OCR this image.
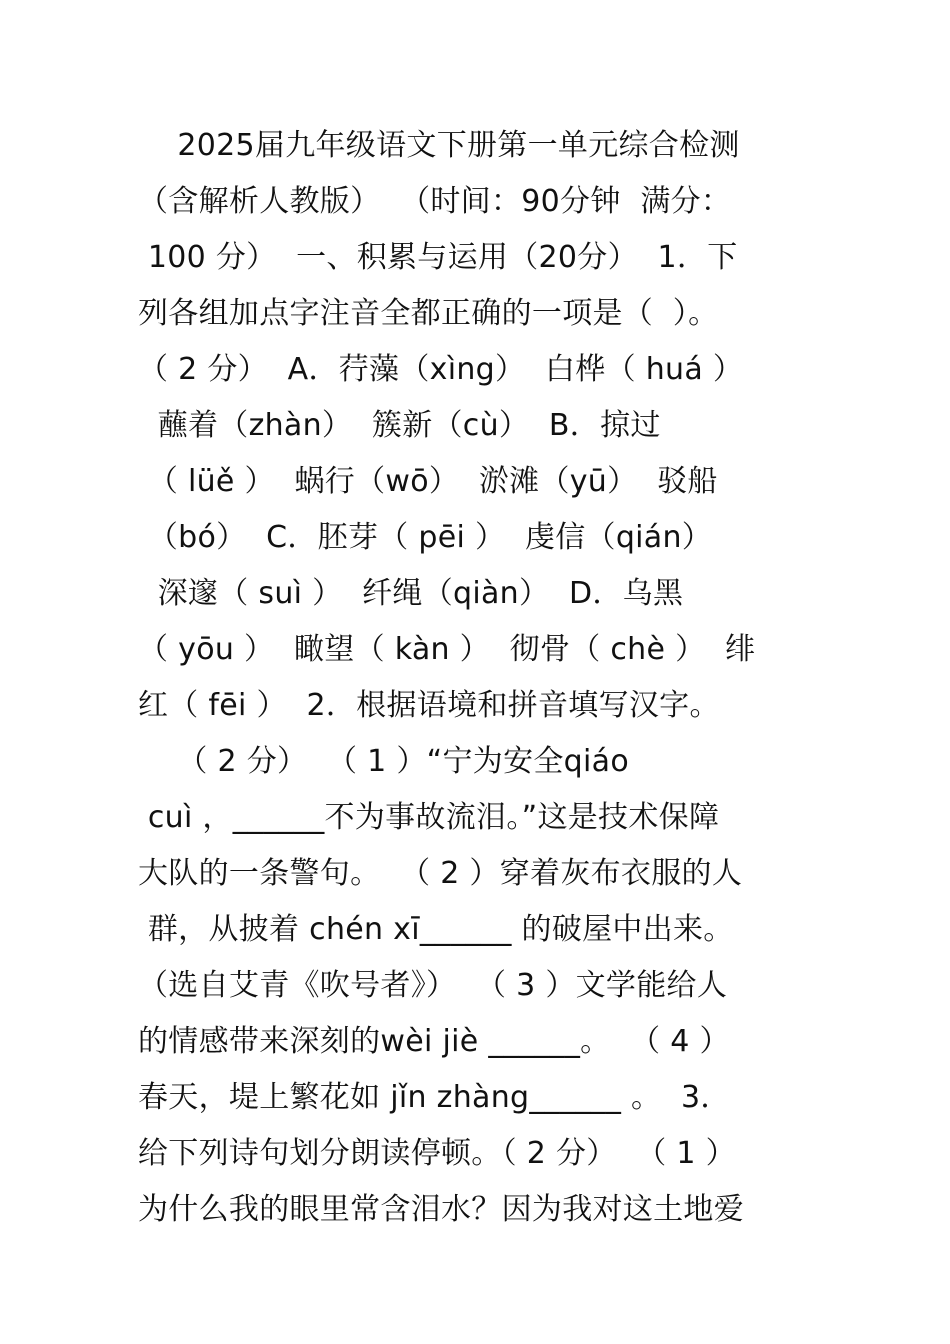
2025届九年级语文下册第一单元综合检测
（含解析人教版）  （时间：90分钟  满分：
100 分）  一、积累与运用（20分）  1．下
列各组加点字注音全都正确的一项是（  ）。
（ 2 分）  A．荇藻（xìng）  白桦（ huá ）
蘸着（zhàn）  簇新（cù）  B．掠过
（ lüě ）  蜗行（wō）  淤滩（yū）  驳船
（bó）  C．胚芽（ pēi ）  虔信（qián）
深邃（ suì ）  纤绳（qiàn）  D．乌黑
（ yōu ）  瞰望（ kàn ）  彻骨（ chè ）  绯
红（ fēi ）  2．根据语境和拼音填写汉字。
（ 2 分）  （ 1 ）“宁为安全qiáo
cuì ，______不为事故流泪。”这是技术保障
大队的一条警句。  （ 2 ）穿着灰布衣服的人
群，从披着 chén xī______ 的破屋中出来。
（选自艾青《吹号者》）  （ 3 ）文学能给人
的情感带来深刻的wèi jiè ______。  （ 4 ）
春天，堤上繁花如 jǐn zhàng______ 。  3．
给下列诗句划分朗读停顿。（ 2 分）  （ 1 ）
为什么我的眼里常含泪水？因为我对这土地爱
